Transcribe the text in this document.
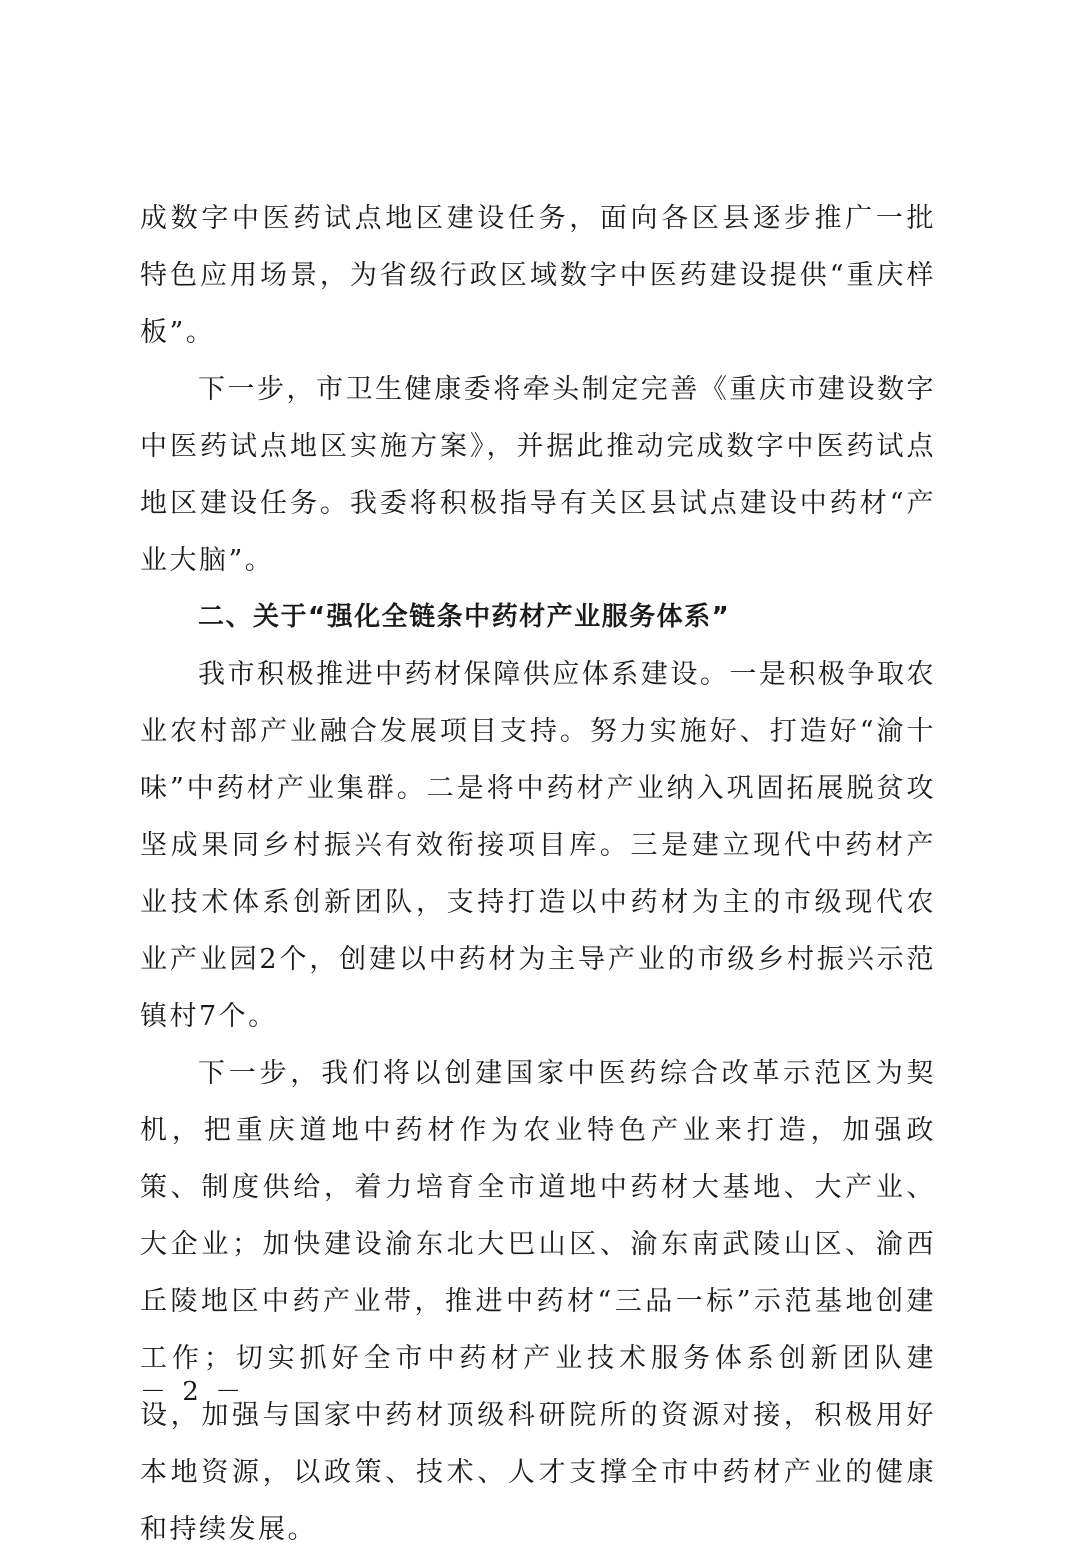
成数字中医药试点地区建设任务，面向各区县逐步推广一批特色应用场景，为省级行政区域数字中医药建设提供“重庆样板”。

下一步，市卫生健康委将牵头制定完善《重庆市建设数字中医药试点地区实施方案》，并据此推动完成数字中医药试点地区建设任务。我委将积极指导有关区县试点建设中药材“产业大脑”。

二、关于“强化全链条中药材产业服务体系”

我市积极推进中药材保障供应体系建设。一是积极争取农业农村部产业融合发展项目支持。努力实施好、打造好“渝十味”中药材产业集群。二是将中药材产业纳入巩固拓展脱贫攻坚成果同乡村振兴有效衔接项目库。三是建立现代中药材产业技术体系创新团队，支持打造以中药材为主的市级现代农业产业园2个，创建以中药材为主导产业的市级乡村振兴示范镇村7个。

下一步，我们将以创建国家中医药综合改革示范区为契机，把重庆道地中药材作为农业特色产业来打造，加强政策、制度供给，着力培育全市道地中药材大基地、大产业、大企业；加快建设渝东北大巴山区、渝东南武陵山区、渝西丘陵地区中药产业带，推进中药材“三品一标”示范基地创建工作；切实抓好全市中药材产业技术服务体系创新团队建设，加强与国家中药材顶级科研院所的资源对接，积极用好本地资源，以政策、技术、人才支撑全市中药材产业的健康和持续发展。

－ 2 －
